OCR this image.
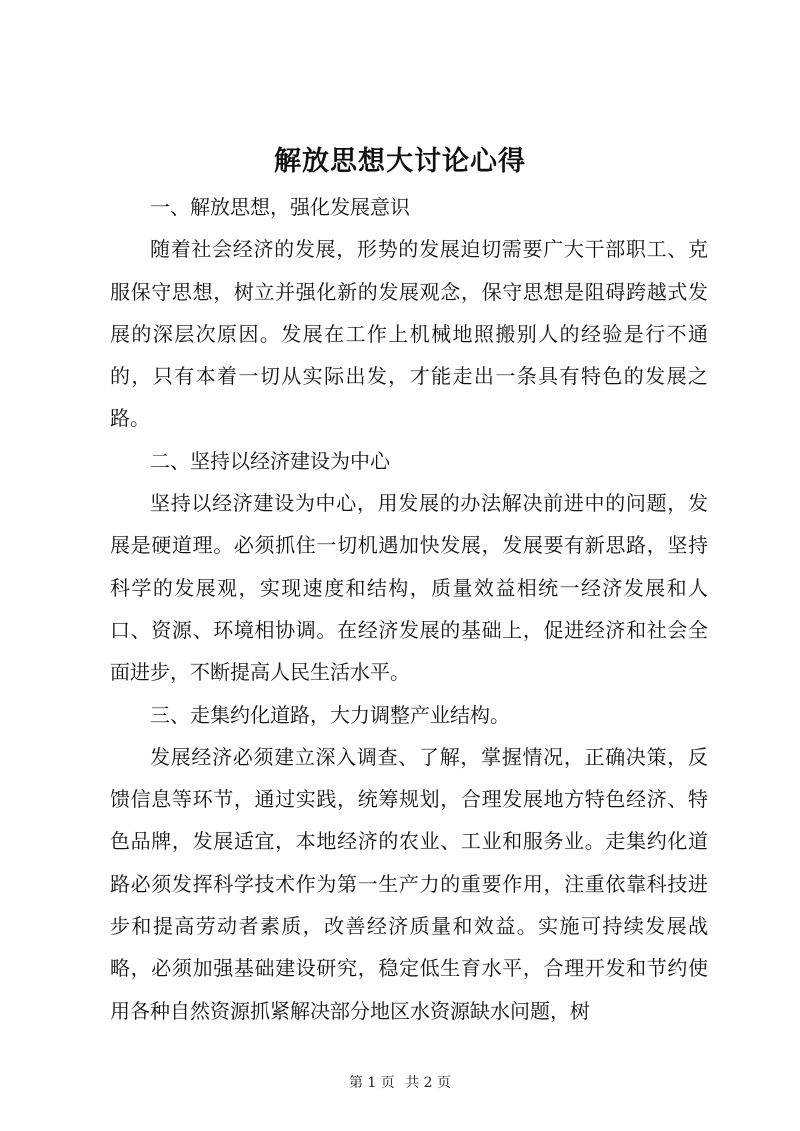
解放思想大讨论心得

一、解放思想，强化发展意识

随着社会经济的发展，形势的发展迫切需要广大干部职工、克服保守思想，树立并强化新的发展观念，保守思想是阻碍跨越式发展的深层次原因。发展在工作上机械地照搬别人的经验是行不通的，只有本着一切从实际出发，才能走出一条具有特色的发展之路。

二、坚持以经济建设为中心

坚持以经济建设为中心，用发展的办法解决前进中的问题，发展是硬道理。必须抓住一切机遇加快发展，发展要有新思路，坚持科学的发展观，实现速度和结构，质量效益相统一经济发展和人口、资源、环境相协调。在经济发展的基础上，促进经济和社会全面进步，不断提高人民生活水平。

三、走集约化道路，大力调整产业结构。

发展经济必须建立深入调查、了解，掌握情况，正确决策，反馈信息等环节，通过实践，统筹规划，合理发展地方特色经济、特色品牌，发展适宜，本地经济的农业、工业和服务业。走集约化道路必须发挥科学技术作为第一生产力的重要作用，注重依靠科技进步和提高劳动者素质，改善经济质量和效益。实施可持续发展战略，必须加强基础建设研究，稳定低生育水平，合理开发和节约使用各种自然资源抓紧解决部分地区水资源缺水问题，树

第 1 页 共 2 页
